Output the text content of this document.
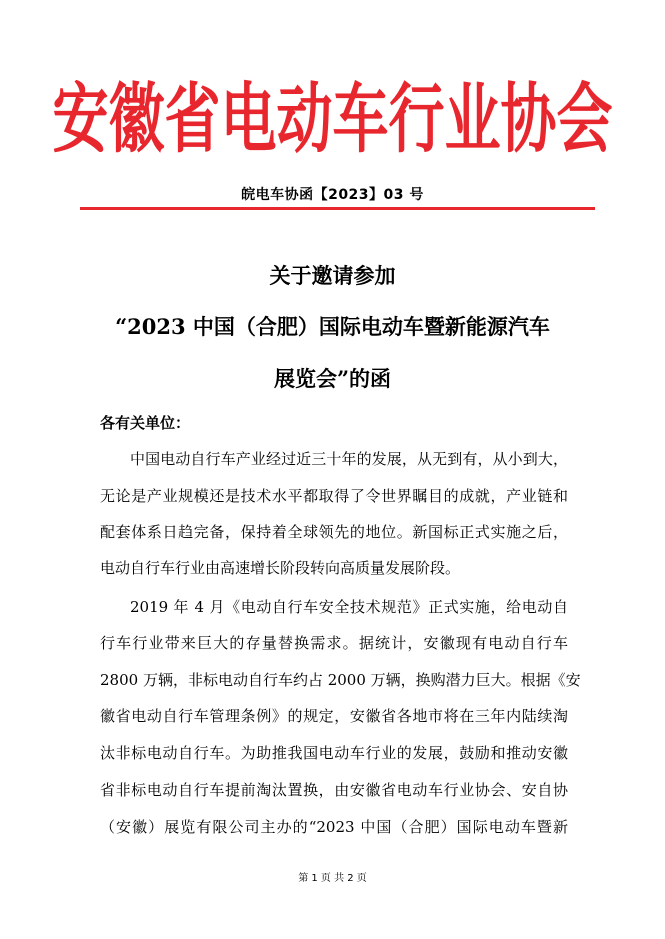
安徽省电动车行业协会
皖电车协函【2023】03 号
关于邀请参加
“2023 中国（合肥）国际电动车暨新能源汽车
展览会”的函
各有关单位：
中国电动自行车产业经过近三十年的发展，从无到有，从小到大，
无论是产业规模还是技术水平都取得了令世界瞩目的成就，产业链和
配套体系日趋完备，保持着全球领先的地位。新国标正式实施之后，
电动自行车行业由高速增长阶段转向高质量发展阶段。
2019 年 4 月《电动自行车安全技术规范》正式实施，给电动自
行车行业带来巨大的存量替换需求。据统计，安徽现有电动自行车
2800 万辆，非标电动自行车约占 2000 万辆，换购潜力巨大。根据《安
徽省电动自行车管理条例》的规定，安徽省各地市将在三年内陆续淘
汰非标电动自行车。为助推我国电动车行业的发展，鼓励和推动安徽
省非标电动自行车提前淘汰置换，由安徽省电动车行业协会、安自协
（安徽）展览有限公司主办的“2023 中国（合肥）国际电动车暨新
第 1 页 共 2 页
